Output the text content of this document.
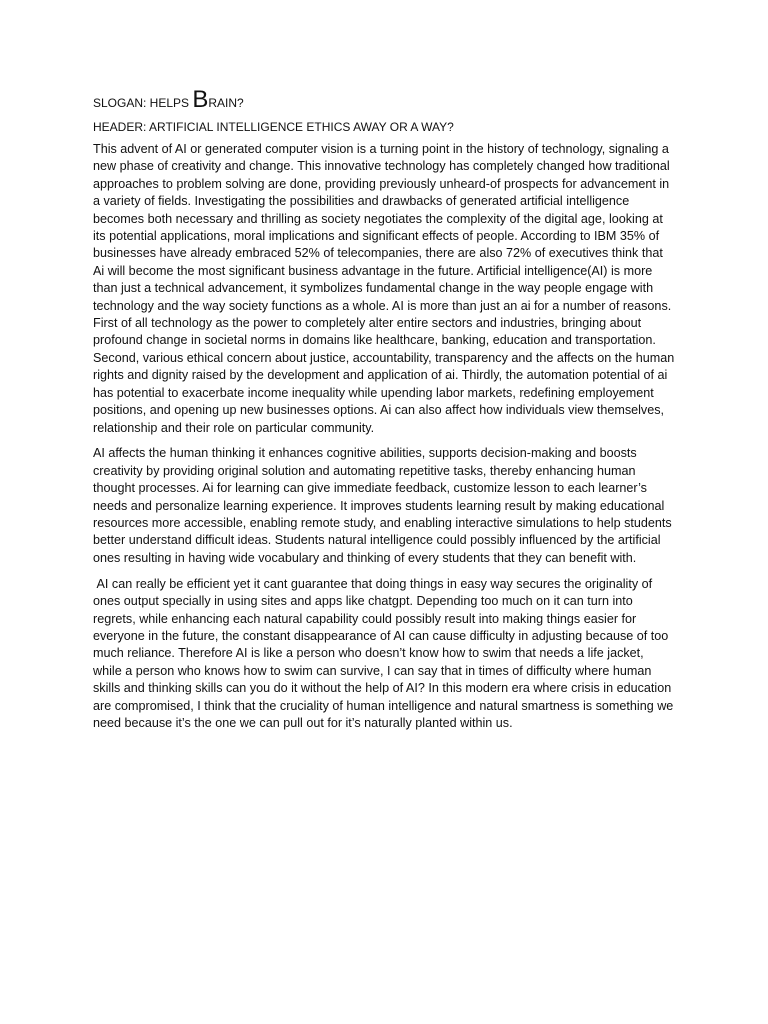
SLOGAN: HELPS BRAIN?
HEADER: ARTIFICIAL INTELLIGENCE ETHICS AWAY OR A WAY?

This advent of AI or generated computer vision is a turning point in the history of technology, signaling a new phase of creativity and change. This innovative technology has completely changed how traditional approaches to problem solving are done, providing previously unheard-of prospects for advancement in a variety of fields. Investigating the possibilities and drawbacks of generated artificial intelligence becomes both necessary and thrilling as society negotiates the complexity of the digital age, looking at its potential applications, moral implications and significant effects of people. According to IBM 35% of businesses have already embraced 52% of telecompanies, there are also 72% of executives think that Ai will become the most significant business advantage in the future. Artificial intelligence(AI) is more than just a technical advancement, it symbolizes fundamental change in the way people engage with technology and the way society functions as a whole. AI is more than just an ai for a number of reasons. First of all technology as the power to completely alter entire sectors and industries, bringing about profound change in societal norms in domains like healthcare, banking, education and transportation. Second, various ethical concern about justice, accountability, transparency and the affects on the human rights and dignity raised by the development and application of ai. Thirdly, the automation potential of ai has potential to exacerbate income inequality while upending labor markets, redefining employement positions, and opening up new businesses options. Ai can also affect how individuals view themselves, relationship and their role on particular community.

AI affects the human thinking it enhances cognitive abilities, supports decision-making and boosts creativity by providing original solution and automating repetitive tasks, thereby enhancing human thought processes. Ai for learning can give immediate feedback, customize lesson to each learner’s needs and personalize learning experience. It improves students learning result by making educational resources more accessible, enabling remote study, and enabling interactive simulations to help students better understand difficult ideas. Students natural intelligence could possibly influenced by the artificial ones resulting in having wide vocabulary and thinking of every students that they can benefit with.

AI can really be efficient yet it cant guarantee that doing things in easy way secures the originality of ones output specially in using sites and apps like chatgpt. Depending too much on it can turn into regrets, while enhancing each natural capability could possibly result into making things easier for everyone in the future, the constant disappearance of AI can cause difficulty in adjusting because of too much reliance. Therefore AI is like a person who doesn’t know how to swim that needs a life jacket, while a person who knows how to swim can survive, I can say that in times of difficulty where human skills and thinking skills can you do it without the help of AI? In this modern era where crisis in education are compromised, I think that the cruciality of human intelligence and natural smartness is something we need because it’s the one we can pull out for it’s naturally planted within us.
